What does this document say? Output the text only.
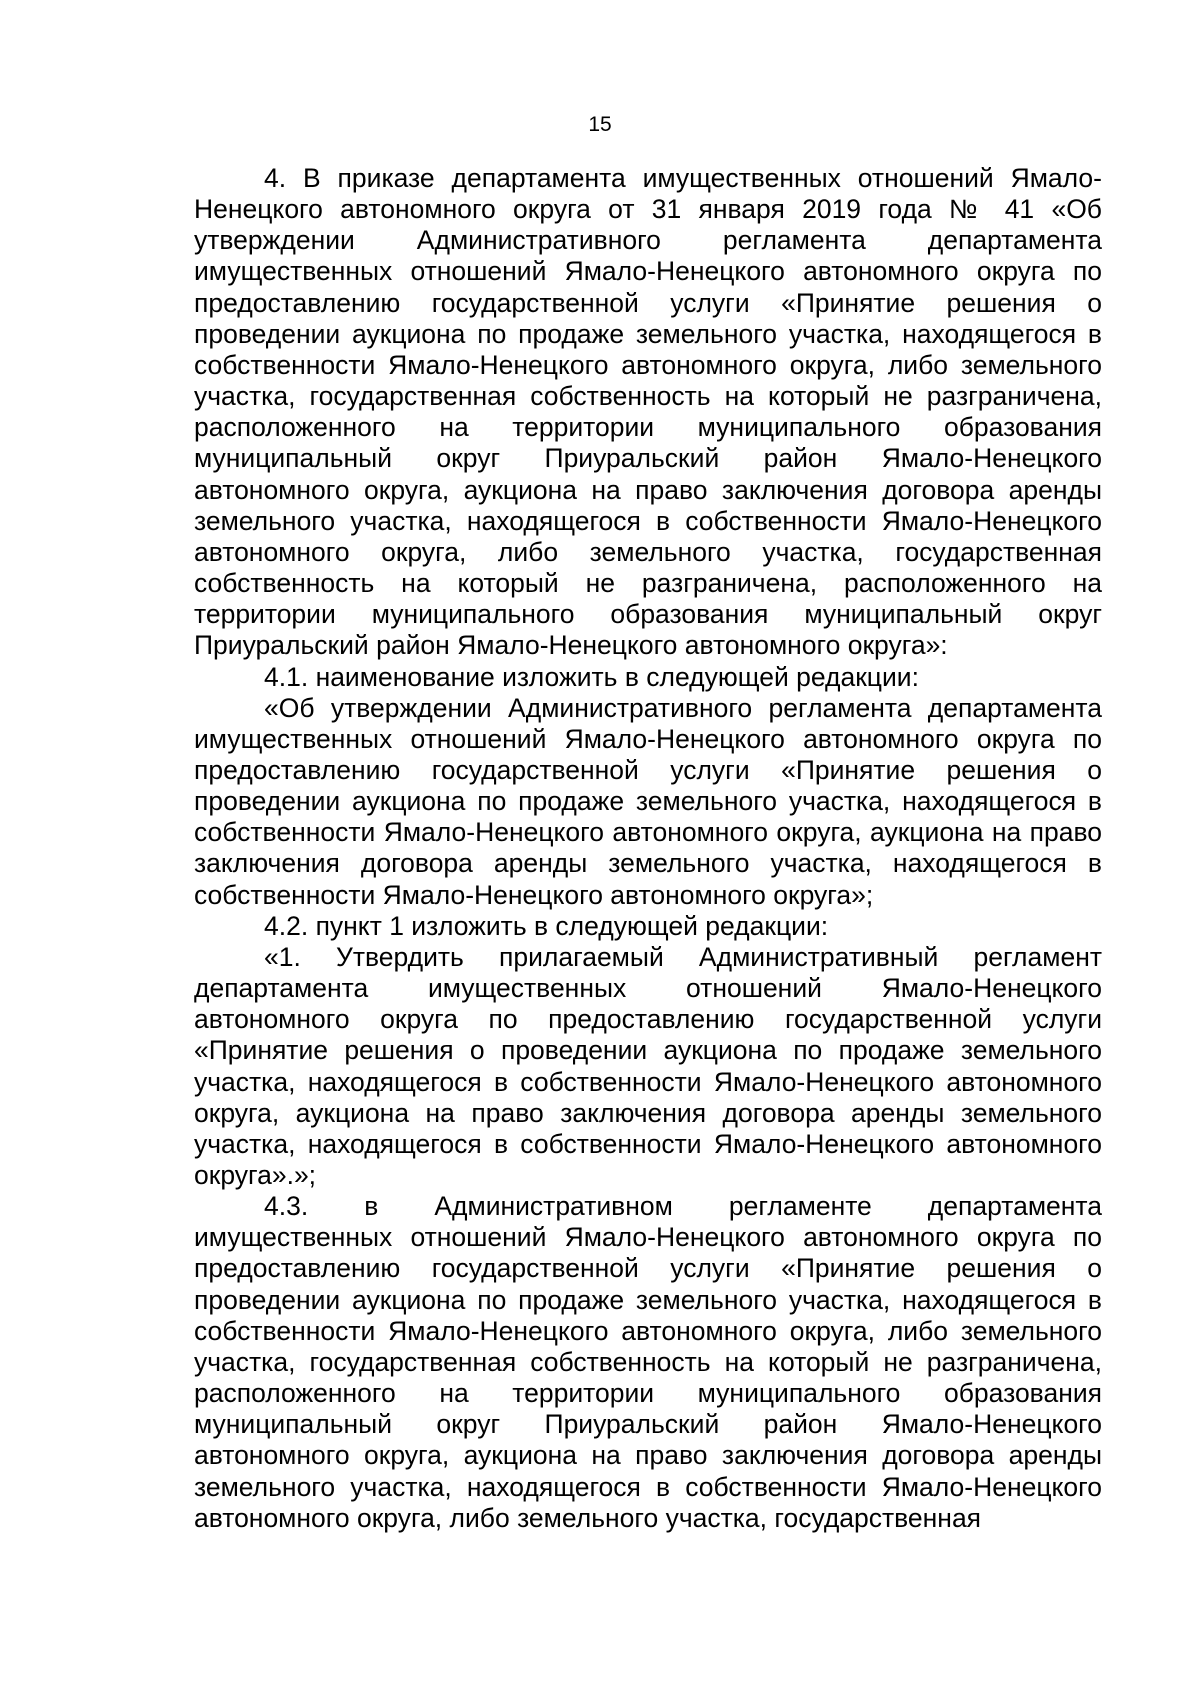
15

4. В приказе департамента имущественных отношений Ямало-Ненецкого автономного округа от 31 января 2019 года № 41 «Об утверждении Административного регламента департамента имущественных отношений Ямало-Ненецкого автономного округа по предоставлению государственной услуги «Принятие решения о проведении аукциона по продаже земельного участка, находящегося в собственности Ямало-Ненецкого автономного округа, либо земельного участка, государственная собственность на который не разграничена, расположенного на территории муниципального образования муниципальный округ Приуральский район Ямало-Ненецкого автономного округа, аукциона на право заключения договора аренды земельного участка, находящегося в собственности Ямало-Ненецкого автономного округа, либо земельного участка, государственная собственность на который не разграничена, расположенного на территории муниципального образования муниципальный округ Приуральский район Ямало-Ненецкого автономного округа»:

4.1. наименование изложить в следующей редакции:

«Об утверждении Административного регламента департамента имущественных отношений Ямало-Ненецкого автономного округа по предоставлению государственной услуги «Принятие решения о проведении аукциона по продаже земельного участка, находящегося в собственности Ямало-Ненецкого автономного округа, аукциона на право заключения договора аренды земельного участка, находящегося в собственности Ямало-Ненецкого автономного округа»;

4.2. пункт 1 изложить в следующей редакции:

«1. Утвердить прилагаемый Административный регламент департамента имущественных отношений Ямало-Ненецкого автономного округа по предоставлению государственной услуги «Принятие решения о проведении аукциона по продаже земельного участка, находящегося в собственности Ямало-Ненецкого автономного округа, аукциона на право заключения договора аренды земельного участка, находящегося в собственности Ямало-Ненецкого автономного округа».»;

4.3. в Административном регламенте департамента имущественных отношений Ямало-Ненецкого автономного округа по предоставлению государственной услуги «Принятие решения о проведении аукциона по продаже земельного участка, находящегося в собственности Ямало-Ненецкого автономного округа, либо земельного участка, государственная собственность на который не разграничена, расположенного на территории муниципального образования муниципальный округ Приуральский район Ямало-Ненецкого автономного округа, аукциона на право заключения договора аренды земельного участка, находящегося в собственности Ямало-Ненецкого автономного округа, либо земельного участка, государственная
